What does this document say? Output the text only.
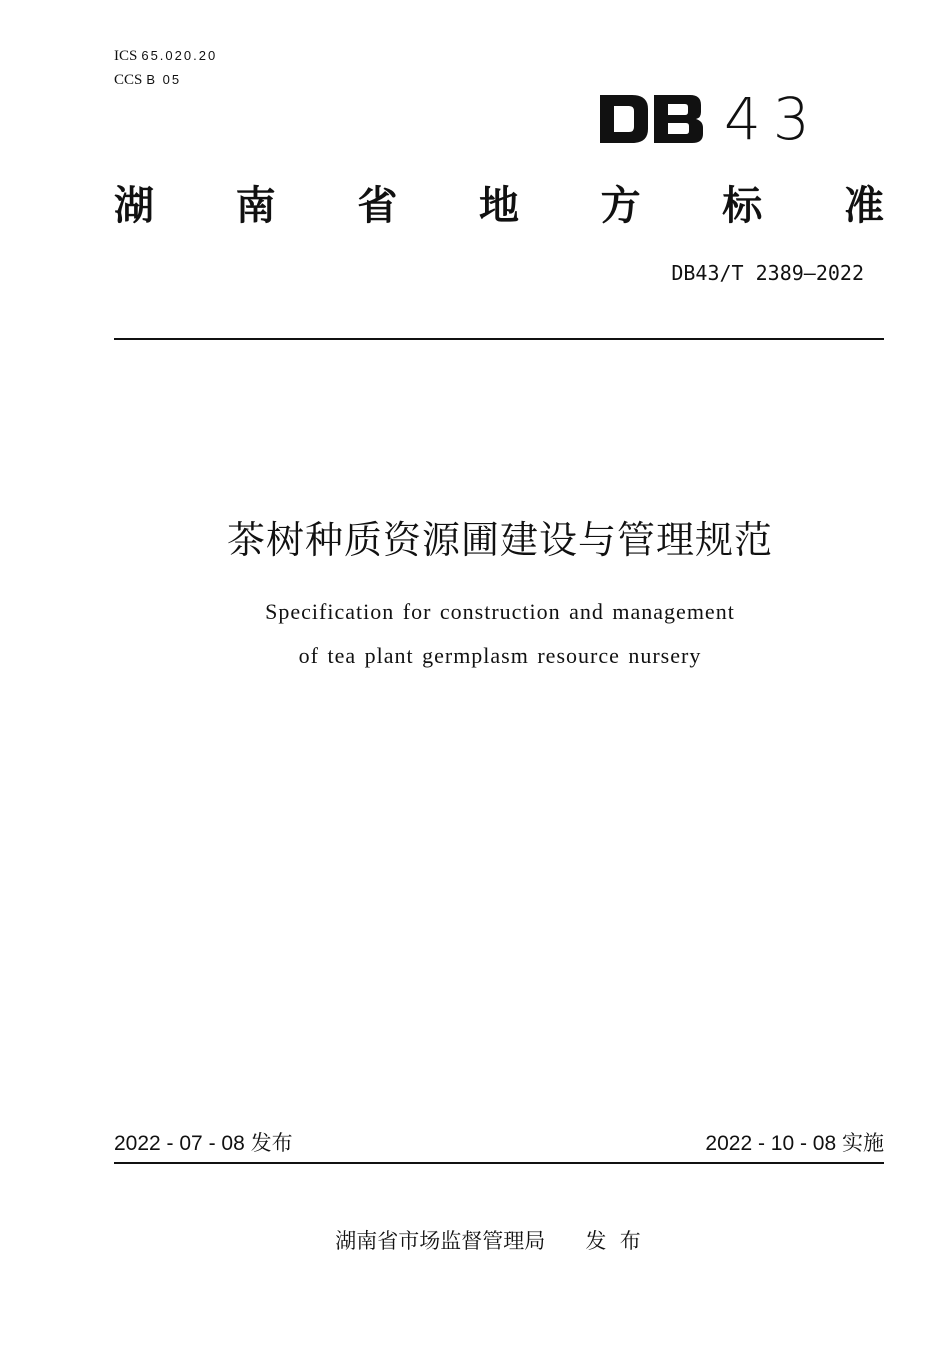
ICS 65.020.20
CCS B 05
43
湖 南 省 地 方 标 准
DB43/T 2389—2022
茶树种质资源圃建设与管理规范
Specification for construction and management
of tea plant germplasm resource nursery
2022 - 07 - 08 发布	2022 - 10 - 08 实施
湖南省市场监督管理局      发  布
